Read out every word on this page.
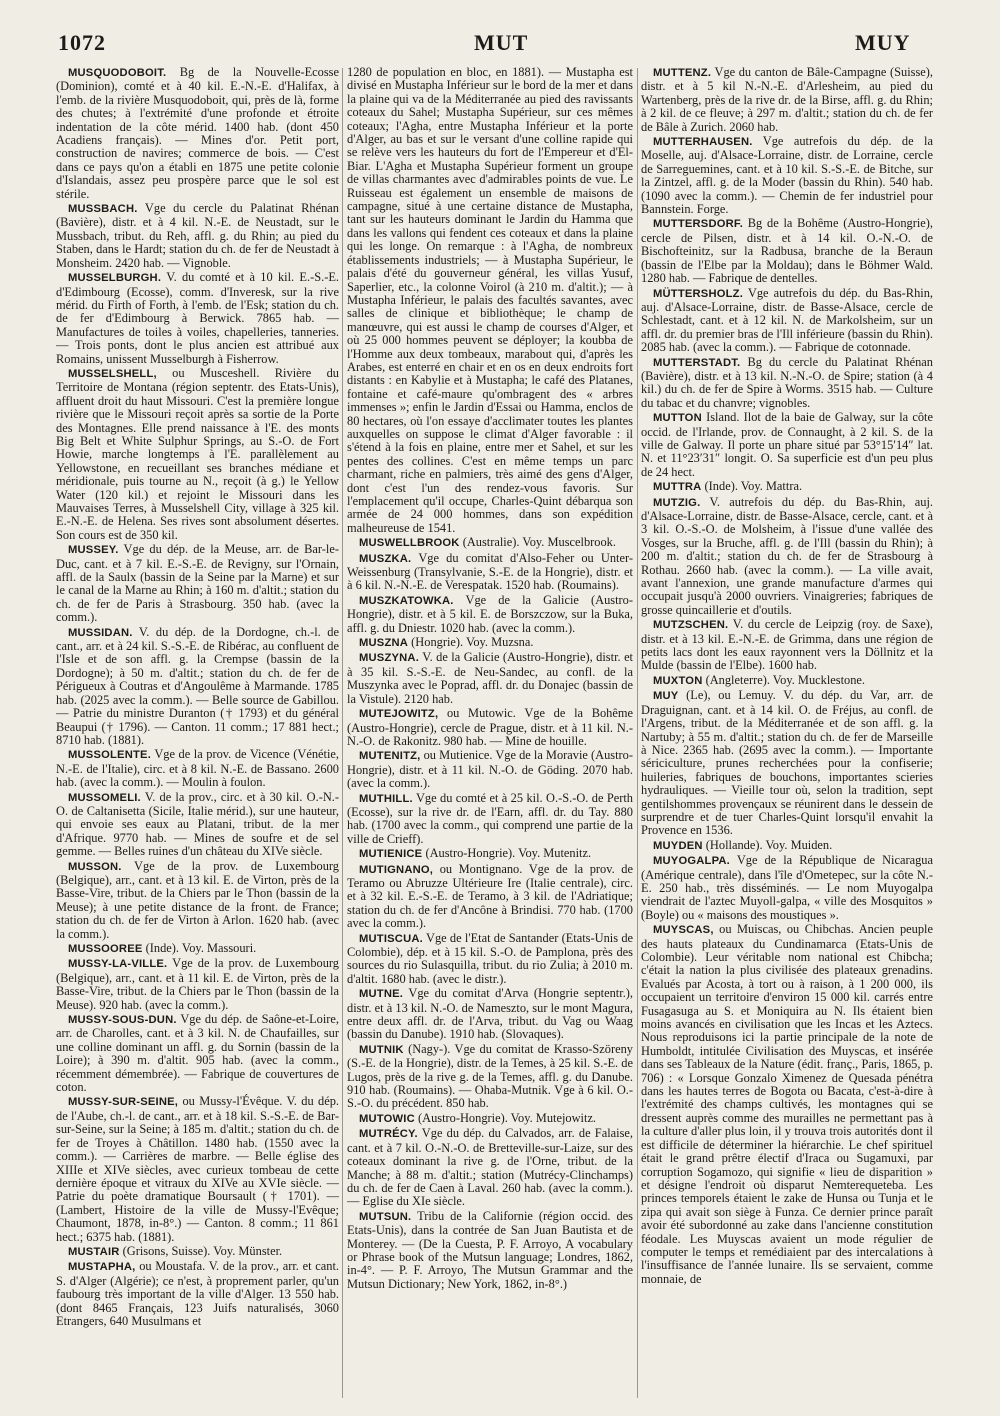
1072	MUT	MUY

MUSQUODOBOIT. Bg de la Nouvelle-Ecosse (Dominion), comté et à 40 kil. E.-N.-E. d'Halifax, à l'emb. de la rivière Musquodoboit, qui, près de là, forme des chutes; à l'extrémité d'une profonde et étroite indentation de la côte mérid. 1400 hab. (dont 450 Acadiens français). — Mines d'or. Petit port, construction de navires; commerce de bois. — C'est dans ce pays qu'on a établi en 1875 une petite colonie d'Islandais, assez peu prospère parce que le sol est stérile.

MUSSBACH. Vge du cercle du Palatinat Rhénan (Bavière), distr. et à 4 kil. N.-E. de Neustadt, sur le Mussbach, tribut. du Reh, affl. g. du Rhin; au pied du Staben, dans le Hardt; station du ch. de fer de Neustadt à Monsheim. 2420 hab. — Vignoble.

MUSSELBURGH. V. du comté et à 10 kil. E.-S.-E. d'Edimbourg (Ecosse), comm. d'Inveresk, sur la rive mérid. du Firth of Forth, à l'emb. de l'Esk; station du ch. de fer d'Edimbourg à Berwick. 7865 hab. — Manufactures de toiles à voiles, chapelleries, tanneries. — Trois ponts, dont le plus ancien est attribué aux Romains, unissent Musselburgh à Fisherrow.

MUSSELSHELL, ou Musceshell. Rivière du Territoire de Montana (région septentr. des Etats-Unis), affluent droit du haut Missouri. C'est la première longue rivière que le Missouri reçoit après sa sortie de la Porte des Montagnes. Elle prend naissance à l'E. des monts Big Belt et White Sulphur Springs, au S.-O. de Fort Howie, marche longtemps à l'E. parallèlement au Yellowstone, en recueillant ses branches médiane et méridionale, puis tourne au N., reçoit (à g.) le Yellow Water (120 kil.) et rejoint le Missouri dans les Mauvaises Terres, à Musselshell City, village à 325 kil. E.-N.-E. de Helena. Ses rives sont absolument désertes. Son cours est de 350 kil.

MUSSEY. Vge du dép. de la Meuse, arr. de Bar-le-Duc, cant. et à 7 kil. E.-S.-E. de Revigny, sur l'Ornain, affl. de la Saulx (bassin de la Seine par la Marne) et sur le canal de la Marne au Rhin; à 160 m. d'altit.; station du ch. de fer de Paris à Strasbourg. 350 hab. (avec la comm.).

MUSSIDAN. V. du dép. de la Dordogne, ch.-l. de cant., arr. et à 24 kil. S.-S.-E. de Ribérac, au confluent de l'Isle et de son affl. g. la Crempse (bassin de la Dordogne); à 50 m. d'altit.; station du ch. de fer de Périgueux à Coutras et d'Angoulême à Marmande. 1785 hab. (2025 avec la comm.). — Belle source de Gabillou. — Patrie du ministre Duranton († 1793) et du général Beaupui († 1796). — Canton. 11 comm.; 17 881 hect.; 8710 hab. (1881).

MUSSOLENTE. Vge de la prov. de Vicence (Vénétie, N.-E. de l'Italie), circ. et à 8 kil. N.-E. de Bassano. 2600 hab. (avec la comm.). — Moulin à foulon.

MUSSOMELI. V. de la prov., circ. et à 30 kil. O.-N.-O. de Caltanisetta (Sicile, Italie mérid.), sur une hauteur, qui envoie ses eaux au Platani, tribut. de la mer d'Afrique. 9770 hab. — Mines de soufre et de sel gemme. — Belles ruines d'un château du XIVe siècle.

MUSSON. Vge de la prov. de Luxembourg (Belgique), arr., cant. et à 13 kil. E. de Virton, près de la Basse-Vire, tribut. de la Chiers par le Thon (bassin de la Meuse); à une petite distance de la front. de France; station du ch. de fer de Virton à Arlon. 1620 hab. (avec la comm.).

MUSSOOREE (Inde). Voy. Massouri.

MUSSY-LA-VILLE. Vge de la prov. de Luxembourg (Belgique), arr., cant. et à 11 kil. E. de Virton, près de la Basse-Vire, tribut. de la Chiers par le Thon (bassin de la Meuse). 920 hab. (avec la comm.).

MUSSY-SOUS-DUN. Vge du dép. de Saône-et-Loire, arr. de Charolles, cant. et à 3 kil. N. de Chaufailles, sur une colline dominant un affl. g. du Sornin (bassin de la Loire); à 390 m. d'altit. 905 hab. (avec la comm., récemment démembrée). — Fabrique de couvertures de coton.

MUSSY-SUR-SEINE, ou Mussy-l'Évêque. V. du dép. de l'Aube, ch.-l. de cant., arr. et à 18 kil. S.-S.-E. de Bar-sur-Seine, sur la Seine; à 185 m. d'altit.; station du ch. de fer de Troyes à Châtillon. 1480 hab. (1550 avec la comm.). — Carrières de marbre. — Belle église des XIIIe et XIVe siècles, avec curieux tombeau de cette dernière époque et vitraux du XIVe au XVIe siècle. — Patrie du poète dramatique Boursault († 1701). — (Lambert, Histoire de la ville de Mussy-l'Evêque; Chaumont, 1878, in-8°.) — Canton. 8 comm.; 11 861 hect.; 6375 hab. (1881).

MUSTAIR (Grisons, Suisse). Voy. Münster.

MUSTAPHA, ou Moustafa. V. de la prov., arr. et cant. S. d'Alger (Algérie); ce n'est, à proprement parler, qu'un faubourg très important de la ville d'Alger. 13 550 hab. (dont 8465 Français, 123 Juifs naturalisés, 3060 Etrangers, 640 Musulmans et

1280 de population en bloc, en 1881). — Mustapha est divisé en Mustapha Inférieur sur le bord de la mer et dans la plaine qui va de la Méditerranée au pied des ravissants coteaux du Sahel; Mustapha Supérieur, sur ces mêmes coteaux; l'Agha, entre Mustapha Inférieur et la porte d'Alger, au bas et sur le versant d'une colline rapide qui se relève vers les hauteurs du fort de l'Empereur et d'El-Biar. L'Agha et Mustapha Supérieur forment un groupe de villas charmantes avec d'admirables points de vue. Le Ruisseau est également un ensemble de maisons de campagne, situé à une certaine distance de Mustapha, tant sur les hauteurs dominant le Jardin du Hamma que dans les vallons qui fendent ces coteaux et dans la plaine qui les longe. On remarque : à l'Agha, de nombreux établissements industriels; — à Mustapha Supérieur, le palais d'été du gouverneur général, les villas Yusuf, Saperlier, etc., la colonne Voirol (à 210 m. d'altit.); — à Mustapha Inférieur, le palais des facultés savantes, avec salles de clinique et bibliothèque; le champ de manœuvre, qui est aussi le champ de courses d'Alger, et où 25 000 hommes peuvent se déployer; la koubba de l'Homme aux deux tombeaux, marabout qui, d'après les Arabes, est enterré en chair et en os en deux endroits fort distants : en Kabylie et à Mustapha; le café des Platanes, fontaine et café-maure qu'ombragent des « arbres immenses »; enfin le Jardin d'Essai ou Hamma, enclos de 80 hectares, où l'on essaye d'acclimater toutes les plantes auxquelles on suppose le climat d'Alger favorable : il s'étend à la fois en plaine, entre mer et Sahel, et sur les pentes des collines. C'est en même temps un parc charmant, riche en palmiers, très aimé des gens d'Alger, dont c'est l'un des rendez-vous favoris. Sur l'emplacement qu'il occupe, Charles-Quint débarqua son armée de 24 000 hommes, dans son expédition malheureuse de 1541.

MUSWELLBROOK (Australie). Voy. Muscelbrook.

MUSZKA. Vge du comitat d'Also-Feher ou Unter-Weissenburg (Transylvanie, S.-E. de la Hongrie), distr. et à 6 kil. N.-N.-E. de Verespatak. 1520 hab. (Roumains).

MUSZKATOWKA. Vge de la Galicie (Austro-Hongrie), distr. et à 5 kil. E. de Borszczow, sur la Buka, affl. g. du Dniestr. 1020 hab. (avec la comm.).

MUSZNA (Hongrie). Voy. Muzsna.

MUSZYNA. V. de la Galicie (Austro-Hongrie), distr. et à 35 kil. S.-S.-E. de Neu-Sandec, au confl. de la Muszynka avec le Poprad, affl. dr. du Donajec (bassin de la Vistule). 2120 hab.

MUTEJOWITZ, ou Mutowic. Vge de la Bohême (Austro-Hongrie), cercle de Prague, distr. et à 11 kil. N.-N.-O. de Rakonitz. 980 hab. — Mine de houille.

MUTENITZ, ou Mutienice. Vge de la Moravie (Austro-Hongrie), distr. et à 11 kil. N.-O. de Göding. 2070 hab. (avec la comm.).

MUTHILL. Vge du comté et à 25 kil. O.-S.-O. de Perth (Ecosse), sur la rive dr. de l'Earn, affl. dr. du Tay. 880 hab. (1700 avec la comm., qui comprend une partie de la ville de Crieff).

MUTIENICE (Austro-Hongrie). Voy. Mutenitz.

MUTIGNANO, ou Montignano. Vge de la prov. de Teramo ou Abruzze Ultérieure Ire (Italie centrale), circ. et à 32 kil. E.-S.-E. de Teramo, à 3 kil. de l'Adriatique; station du ch. de fer d'Ancône à Brindisi. 770 hab. (1700 avec la comm.).

MUTISCUA. Vge de l'Etat de Santander (Etats-Unis de Colombie), dép. et à 15 kil. S.-O. de Pamplona, près des sources du rio Sulasquilla, tribut. du rio Zulia; à 2010 m. d'altit. 1680 hab. (avec le distr.).

MUTNE. Vge du comitat d'Arva (Hongrie septentr.), distr. et à 13 kil. N.-O. de Namesztо, sur le mont Magura, entre deux affl. dr. de l'Arva, tribut. du Vag ou Waag (bassin du Danube). 1910 hab. (Slovaques).

MUTNIK (Nagy-). Vge du comitat de Krasso-Szöreny (S.-E. de la Hongrie), distr. de la Temes, à 25 kil. S.-E. de Lugos, près de la rive g. de la Temes, affl. g. du Danube. 910 hab. (Roumains). — Ohaba-Mutnik. Vge à 6 kil. O.-S.-O. du précédent. 850 hab.

MUTOWIC (Austro-Hongrie). Voy. Mutejowitz.

MUTRÉCY. Vge du dép. du Calvados, arr. de Falaise, cant. et à 7 kil. O.-N.-O. de Bretteville-sur-Laize, sur des coteaux dominant la rive g. de l'Orne, tribut. de la Manche; à 88 m. d'altit.; station (Mutrécy-Clinchamps) du ch. de fer de Caen à Laval. 260 hab. (avec la comm.). — Eglise du XIe siècle.

MUTSUN. Tribu de la Californie (région occid. des Etats-Unis), dans la contrée de San Juan Bautista et de Monterey. — (De la Cuesta, P. F. Arroyo, A vocabulary or Phrase book of the Mutsun language; Londres, 1862, in-4°. — P. F. Arroyo, The Mutsun Grammar and the Mutsun Dictionary; New York, 1862, in-8°.)

MUTTENZ. Vge du canton de Bâle-Campagne (Suisse), distr. et à 5 kil N.-N.-E. d'Arlesheim, au pied du Wartenberg, près de la rive dr. de la Birse, affl. g. du Rhin; à 2 kil. de ce fleuve; à 297 m. d'altit.; station du ch. de fer de Bâle à Zurich. 2060 hab.

MUTTERHAUSEN. Vge autrefois du dép. de la Moselle, auj. d'Alsace-Lorraine, distr. de Lorraine, cercle de Sarreguemines, cant. et à 10 kil. S.-S.-E. de Bitche, sur la Zintzel, affl. g. de la Moder (bassin du Rhin). 540 hab. (1090 avec la comm.). — Chemin de fer industriel pour Bannstein. Forge.

MUTTERSDORF. Bg de la Bohême (Austro-Hongrie), cercle de Pilsen, distr. et à 14 kil. O.-N.-O. de Bischofteinitz, sur la Radbusa, branche de la Beraun (bassin de l'Elbe par la Moldau); dans le Böhmer Wald. 1280 hab. — Fabrique de dentelles.

MÜTTERSHOLZ. Vge autrefois du dép. du Bas-Rhin, auj. d'Alsace-Lorraine, distr. de Basse-Alsace, cercle de Schlestadt, cant. et à 12 kil. N. de Markolsheim, sur un affl. dr. du premier bras de l'Ill inférieure (bassin du Rhin). 2085 hab. (avec la comm.). — Fabrique de cotonnade.

MUTTERSTADT. Bg du cercle du Palatinat Rhénan (Bavière), distr. et à 13 kil. N.-N.-O. de Spire; station (à 4 kil.) du ch. de fer de Spire à Worms. 3515 hab. — Culture du tabac et du chanvre; vignobles.

MUTTON Island. Ilot de la baie de Galway, sur la côte occid. de l'Irlande, prov. de Connaught, à 2 kil. S. de la ville de Galway. Il porte un phare situé par 53°15′14″ lat. N. et 11°23′31″ longit. O. Sa superficie est d'un peu plus de 24 hect.

MUTTRA (Inde). Voy. Mattra.

MUTZIG. V. autrefois du dép. du Bas-Rhin, auj. d'Alsace-Lorraine, distr. de Basse-Alsace, cercle, cant. et à 3 kil. O.-S.-O. de Molsheim, à l'issue d'une vallée des Vosges, sur la Bruche, affl. g. de l'Ill (bassin du Rhin); à 200 m. d'altit.; station du ch. de fer de Strasbourg à Rothau. 2660 hab. (avec la comm.). — La ville avait, avant l'annexion, une grande manufacture d'armes qui occupait jusqu'à 2000 ouvriers. Vinaigreries; fabriques de grosse quincaillerie et d'outils.

MUTZSCHEN. V. du cercle de Leipzig (roy. de Saxe), distr. et à 13 kil. E.-N.-E. de Grimma, dans une région de petits lacs dont les eaux rayonnent vers la Döllnitz et la Mulde (bassin de l'Elbe). 1600 hab.

MUXTON (Angleterre). Voy. Mucklestone.

MUY (Le), ou Lemuy. V. du dép. du Var, arr. de Draguignan, cant. et à 14 kil. O. de Fréjus, au confl. de l'Argens, tribut. de la Méditerranée et de son affl. g. la Nartuby; à 55 m. d'altit.; station du ch. de fer de Marseille à Nice. 2365 hab. (2695 avec la comm.). — Importante sériciculture, prunes recherchées pour la confiserie; huileries, fabriques de bouchons, importantes scieries hydrauliques. — Vieille tour où, selon la tradition, sept gentilshommes provençaux se réunirent dans le dessein de surprendre et de tuer Charles-Quint lorsqu'il envahit la Provence en 1536.

MUYDEN (Hollande). Voy. Muiden.

MUYOGALPA. Vge de la République de Nicaragua (Amérique centrale), dans l'île d'Ometepec, sur la côte N.-E. 250 hab., très disséminés. — Le nom Muyogalpa viendrait de l'aztec Muyoll-galpa, « ville des Mosquitos » (Boyle) ou « maisons des moustiques ».

MUYSCAS, ou Muiscas, ou Chibchas. Ancien peuple des hauts plateaux du Cundinamarca (Etats-Unis de Colombie). Leur véritable nom national est Chibcha; c'était la nation la plus civilisée des plateaux grenadins. Evalués par Acosta, à tort ou à raison, à 1 200 000, ils occupaient un territoire d'environ 15 000 kil. carrés entre Fusagasuga au S. et Moniquira au N. Ils étaient bien moins avancés en civilisation que les Incas et les Aztecs. Nous reproduisons ici la partie principale de la note de Humboldt, intitulée Civilisation des Muyscas, et insérée dans ses Tableaux de la Nature (édit. franç., Paris, 1865, p. 706) : « Lorsque Gonzalo Ximenez de Quesada pénétra dans les hautes terres de Bogota ou Bacata, c'est-à-dire à l'extrémité des champs cultivés, les montagnes qui se dressent auprès comme des murailles ne permettant pas à la culture d'aller plus loin, il y trouva trois autorités dont il est difficile de déterminer la hiérarchie. Le chef spirituel était le grand prêtre électif d'Iraca ou Sugamuxi, par corruption Sogamozo, qui signifie « lieu de disparition » et désigne l'endroit où disparut Nemterequeteba. Les princes temporels étaient le zake de Hunsa ou Tunja et le zipa qui avait son siège à Funza. Ce dernier prince paraît avoir été subordonné au zake dans l'ancienne constitution féodale. Les Muyscas avaient un mode régulier de computer le temps et remédiaient par des intercalations à l'insuffisance de l'année lunaire. Ils se servaient, comme monnaie, de
